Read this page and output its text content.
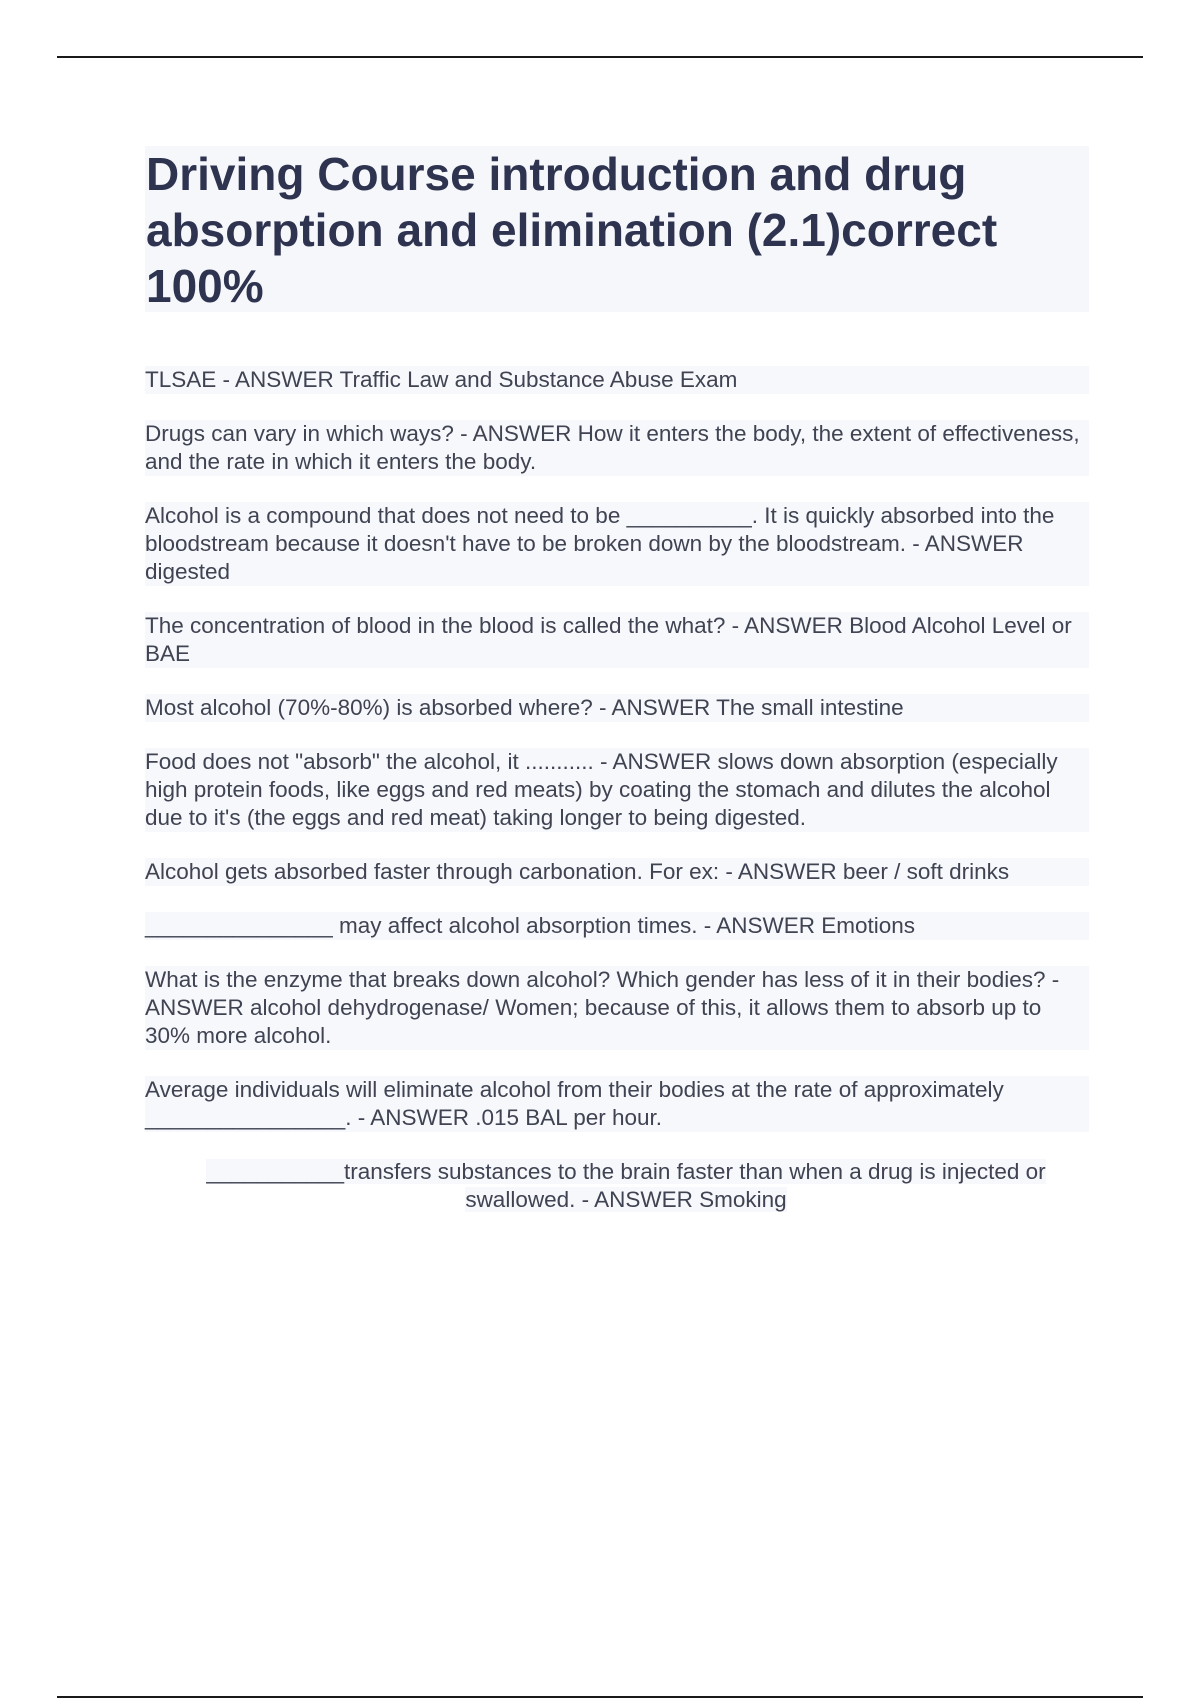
Driving Course introduction and drug absorption and elimination (2.1)correct 100%

TLSAE - ANSWER Traffic Law and Substance Abuse Exam

Drugs can vary in which ways? - ANSWER How it enters the body, the extent of effectiveness, and the rate in which it enters the body.

Alcohol is a compound that does not need to be __________. It is quickly absorbed into the bloodstream because it doesn't have to be broken down by the bloodstream. - ANSWER digested

The concentration of blood in the blood is called the what? - ANSWER Blood Alcohol Level or BAE

Most alcohol (70%-80%) is absorbed where? - ANSWER The small intestine

Food does not "absorb" the alcohol, it ........... - ANSWER slows down absorption (especially high protein foods, like eggs and red meats) by coating the stomach and dilutes the alcohol due to it's (the eggs and red meat) taking longer to being digested.

Alcohol gets absorbed faster through carbonation. For ex: - ANSWER beer / soft drinks

_______________ may affect alcohol absorption times. - ANSWER Emotions

What is the enzyme that breaks down alcohol? Which gender has less of it in their bodies? - ANSWER alcohol dehydrogenase/ Women; because of this, it allows them to absorb up to 30% more alcohol.

Average individuals will eliminate alcohol from their bodies at the rate of approximately ________________. - ANSWER .015 BAL per hour.

___________transfers substances to the brain faster than when a drug is injected or swallowed. - ANSWER Smoking
